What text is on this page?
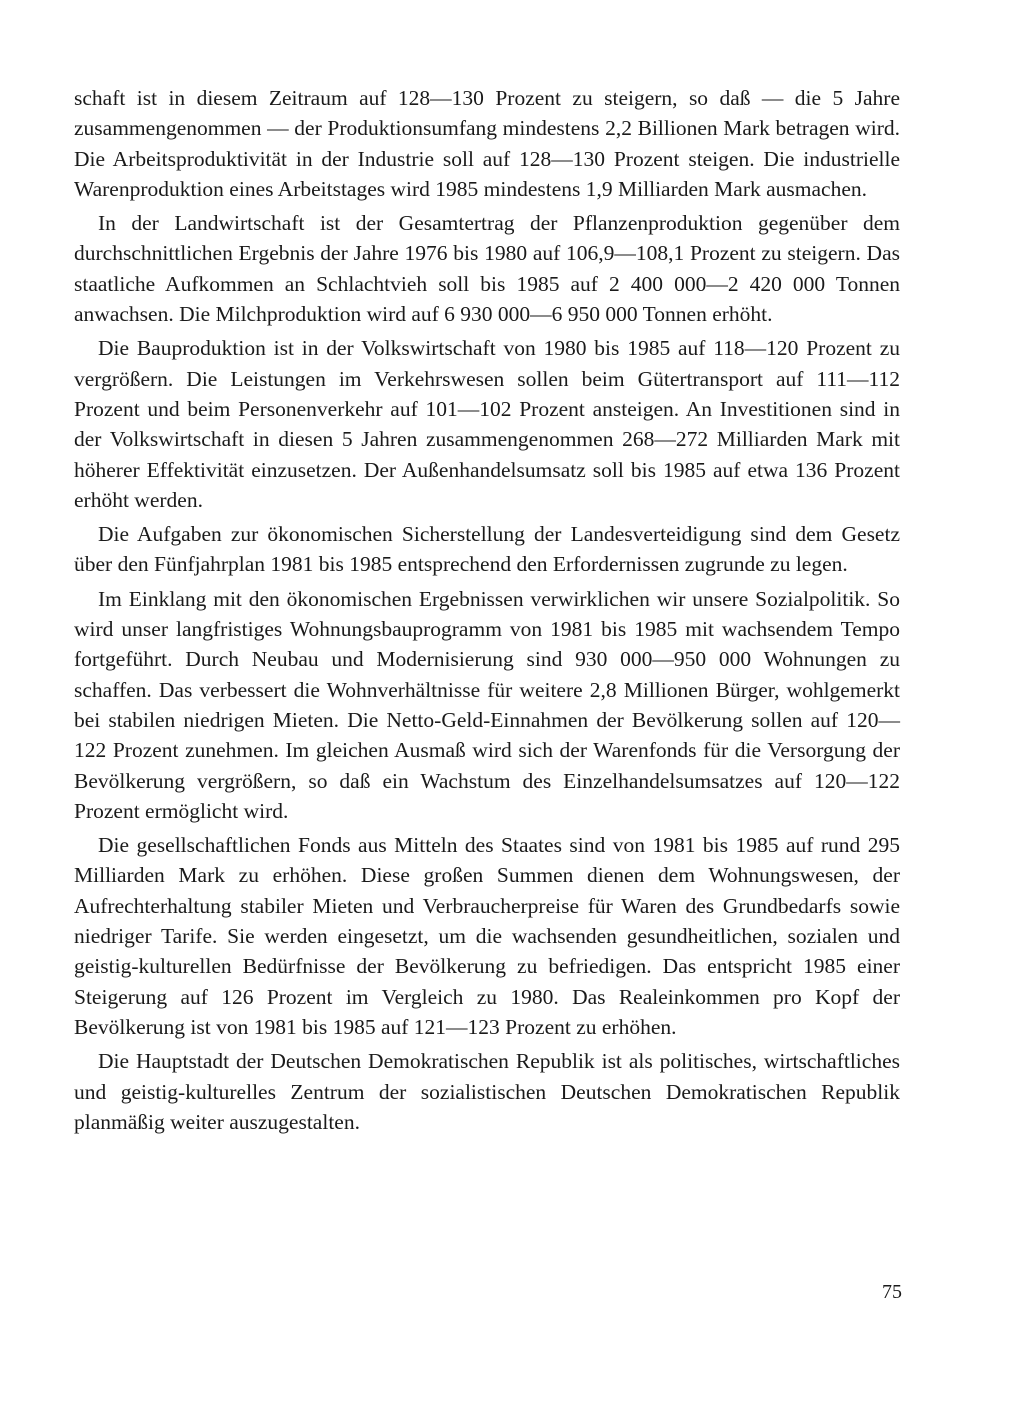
schaft ist in diesem Zeitraum auf 128—130 Prozent zu steigern, so daß — die 5 Jahre zusammengenommen — der Produktionsumfang mindestens 2,2 Billionen Mark betragen wird. Die Arbeitsproduktivität in der Industrie soll auf 128—130 Prozent steigen. Die industrielle Warenproduktion eines Arbeitstages wird 1985 mindestens 1,9 Milliarden Mark ausmachen.

In der Landwirtschaft ist der Gesamtertrag der Pflanzenproduktion gegenüber dem durchschnittlichen Ergebnis der Jahre 1976 bis 1980 auf 106,9—108,1 Prozent zu steigern. Das staatliche Aufkommen an Schlachtvieh soll bis 1985 auf 2 400 000—2 420 000 Tonnen anwachsen. Die Milchproduktion wird auf 6 930 000—6 950 000 Tonnen erhöht.

Die Bauproduktion ist in der Volkswirtschaft von 1980 bis 1985 auf 118—120 Prozent zu vergrößern. Die Leistungen im Verkehrswesen sollen beim Gütertransport auf 111—112 Prozent und beim Personenverkehr auf 101—102 Prozent ansteigen. An Investitionen sind in der Volkswirtschaft in diesen 5 Jahren zusammengenommen 268—272 Milliarden Mark mit höherer Effektivität einzusetzen. Der Außenhandelsumsatz soll bis 1985 auf etwa 136 Prozent erhöht werden.

Die Aufgaben zur ökonomischen Sicherstellung der Landesverteidigung sind dem Gesetz über den Fünfjahrplan 1981 bis 1985 entsprechend den Erfordernissen zugrunde zu legen.

Im Einklang mit den ökonomischen Ergebnissen verwirklichen wir unsere Sozialpolitik. So wird unser langfristiges Wohnungsbauprogramm von 1981 bis 1985 mit wachsendem Tempo fortgeführt. Durch Neubau und Modernisierung sind 930 000—950 000 Wohnungen zu schaffen. Das verbessert die Wohnverhältnisse für weitere 2,8 Millionen Bürger, wohlgemerkt bei stabilen niedrigen Mieten. Die Netto-Geld-Einnahmen der Bevölkerung sollen auf 120—122 Prozent zunehmen. Im gleichen Ausmaß wird sich der Warenfonds für die Versorgung der Bevölkerung vergrößern, so daß ein Wachstum des Einzelhandelsumsatzes auf 120—122 Prozent ermöglicht wird.

Die gesellschaftlichen Fonds aus Mitteln des Staates sind von 1981 bis 1985 auf rund 295 Milliarden Mark zu erhöhen. Diese großen Summen dienen dem Wohnungswesen, der Aufrechterhaltung stabiler Mieten und Verbraucherpreise für Waren des Grundbedarfs sowie niedriger Tarife. Sie werden eingesetzt, um die wachsenden gesundheitlichen, sozialen und geistig-kulturellen Bedürfnisse der Bevölkerung zu befriedigen. Das entspricht 1985 einer Steigerung auf 126 Prozent im Vergleich zu 1980. Das Realeinkommen pro Kopf der Bevölkerung ist von 1981 bis 1985 auf 121—123 Prozent zu erhöhen.

Die Hauptstadt der Deutschen Demokratischen Republik ist als politisches, wirtschaftliches und geistig-kulturelles Zentrum der sozialistischen Deutschen Demokratischen Republik planmäßig weiter auszugestalten.

75
